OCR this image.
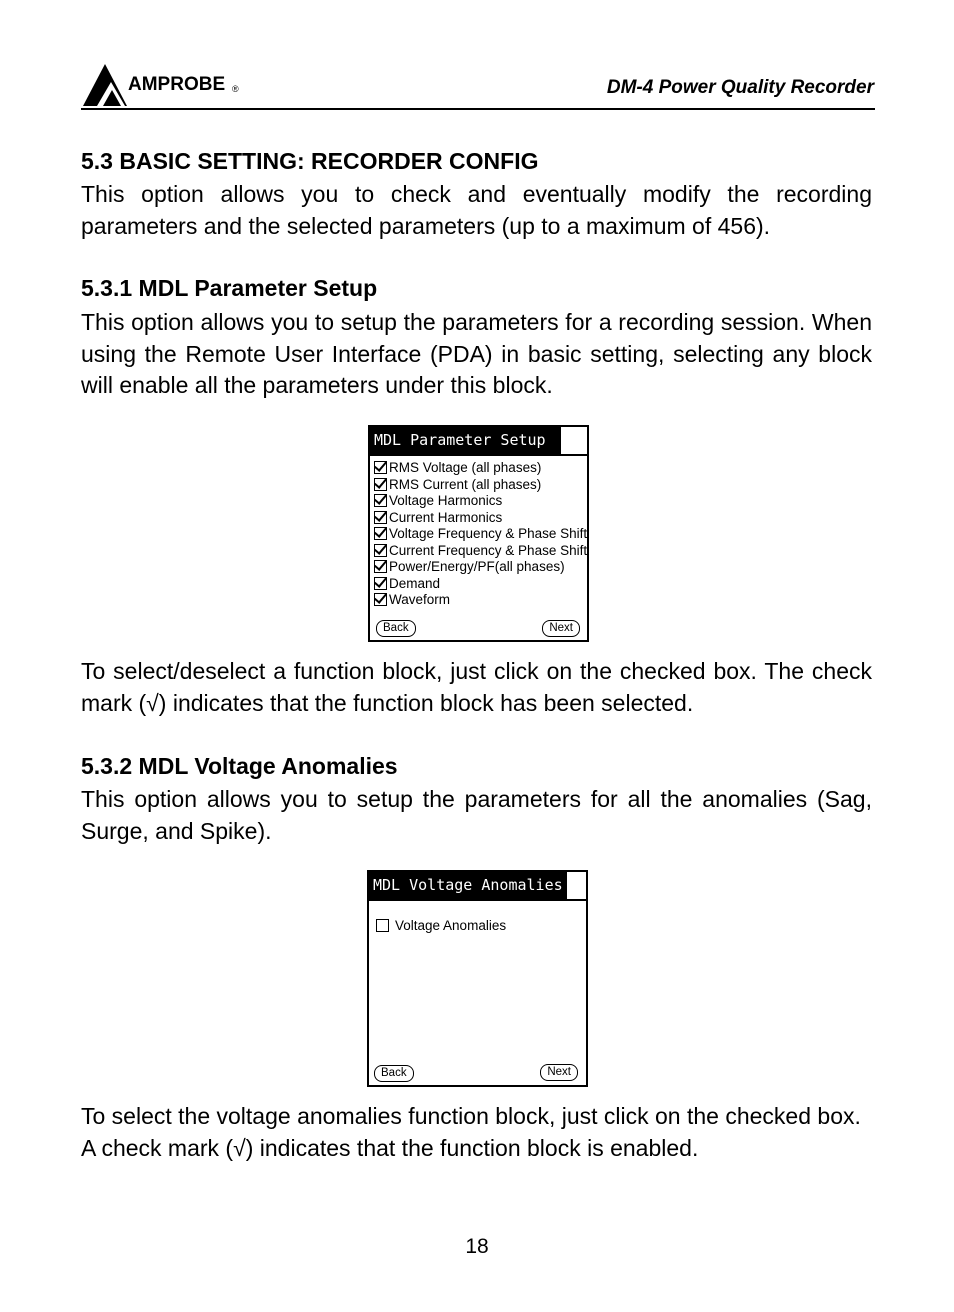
AMPROBE ®	DM-4 Power Quality Recorder
5.3 BASIC SETTING: RECORDER CONFIG
This option allows you to check and eventually modify the recording parameters and the selected parameters (up to a maximum of 456).
5.3.1 MDL Parameter Setup
This option allows you to setup the parameters for a recording session. When using the Remote User Interface (PDA) in basic setting, selecting any block will enable all the parameters under this block.
MDL Parameter Setup
RMS Voltage (all phases)
RMS Current (all phases)
Voltage Harmonics
Current Harmonics
Voltage Frequency & Phase Shift
Current Frequency & Phase Shift
Power/Energy/PF(all phases)
Demand
Waveform
Back	Next
To select/deselect a function block, just click on the checked box. The check mark (√) indicates that the function block has been selected.
5.3.2 MDL Voltage Anomalies
This option allows you to setup the parameters for all the anomalies (Sag, Surge, and Spike).
MDL Voltage Anomalies
Voltage Anomalies
Back	Next
To select the voltage anomalies function block, just click on the checked box.
A check mark (√) indicates that the function block is enabled.
18
